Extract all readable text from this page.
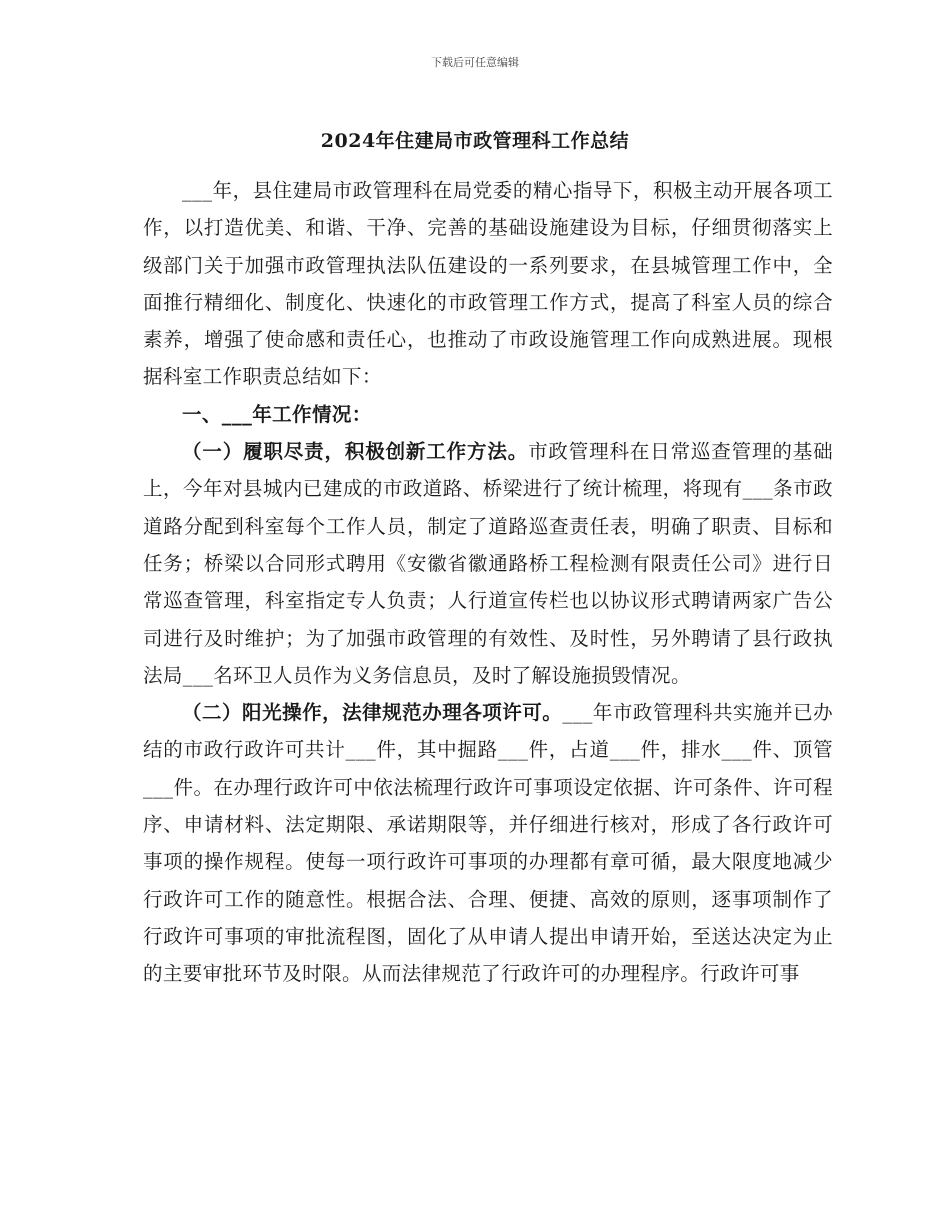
下载后可任意编辑
2024年住建局市政管理科工作总结

___年，县住建局市政管理科在局党委的精心指导下，积极主动开展各项工作，以打造优美、和谐、干净、完善的基础设施建设为目标，仔细贯彻落实上级部门关于加强市政管理执法队伍建设的一系列要求，在县城管理工作中，全面推行精细化、制度化、快速化的市政管理工作方式，提高了科室人员的综合素养，增强了使命感和责任心，也推动了市政设施管理工作向成熟进展。现根据科室工作职责总结如下：

一、___年工作情况：

（一）履职尽责，积极创新工作方法。市政管理科在日常巡查管理的基础上，今年对县城内已建成的市政道路、桥梁进行了统计梳理，将现有___条市政道路分配到科室每个工作人员，制定了道路巡查责任表，明确了职责、目标和任务；桥梁以合同形式聘用《安徽省徽通路桥工程检测有限责任公司》进行日常巡查管理，科室指定专人负责；人行道宣传栏也以协议形式聘请两家广告公司进行及时维护；为了加强市政管理的有效性、及时性，另外聘请了县行政执法局___名环卫人员作为义务信息员，及时了解设施损毁情况。

（二）阳光操作，法律规范办理各项许可。___年市政管理科共实施并已办结的市政行政许可共计___件，其中掘路___件，占道___件，排水___件、顶管___件。在办理行政许可中依法梳理行政许可事项设定依据、许可条件、许可程序、申请材料、法定期限、承诺期限等，并仔细进行核对，形成了各行政许可事项的操作规程。使每一项行政许可事项的办理都有章可循，最大限度地减少行政许可工作的随意性。根据合法、合理、便捷、高效的原则，逐事项制作了行政许可事项的审批流程图，固化了从申请人提出申请开始，至送达决定为止的主要审批环节及时限。从而法律规范了行政许可的办理程序。行政许可事
